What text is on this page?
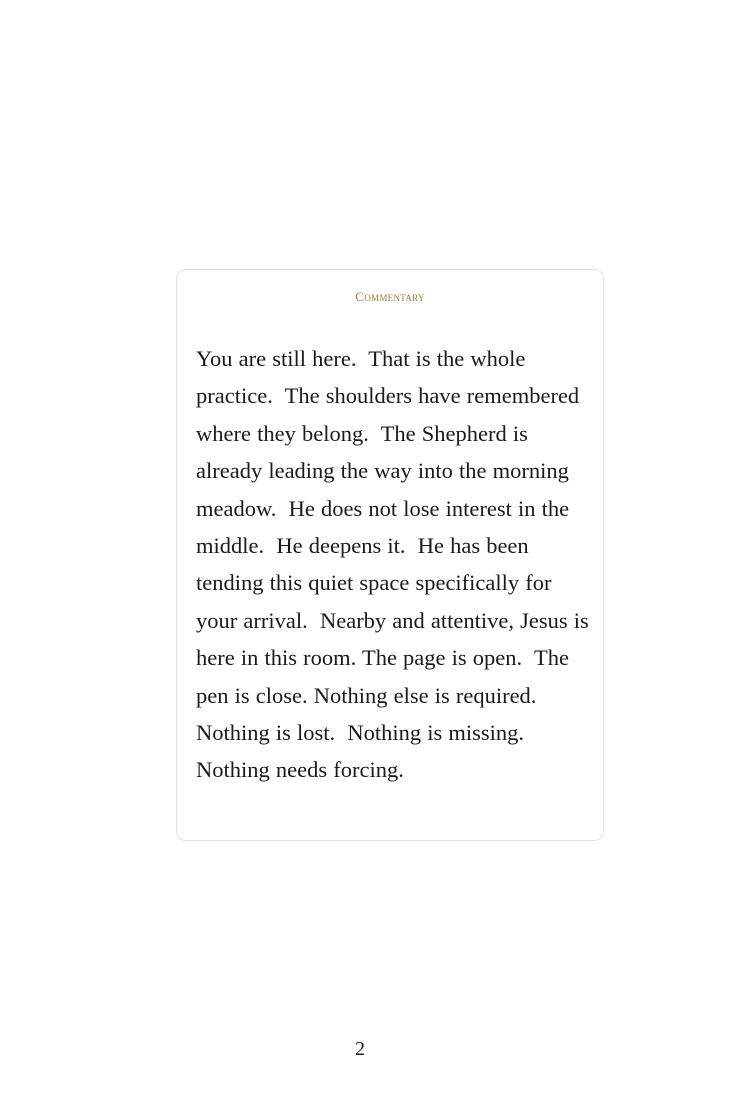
Commentary

You are still here. That is the whole practice. The shoulders have remembered where they belong. The Shepherd is already leading the way into the morning meadow. He does not lose interest in the middle. He deepens it. He has been tending this quiet space specifically for your arrival. Nearby and attentive, Jesus is here in this room. The page is open. The pen is close. Nothing else is required.  Nothing is lost. Nothing is missing.  Nothing needs forcing.

2
